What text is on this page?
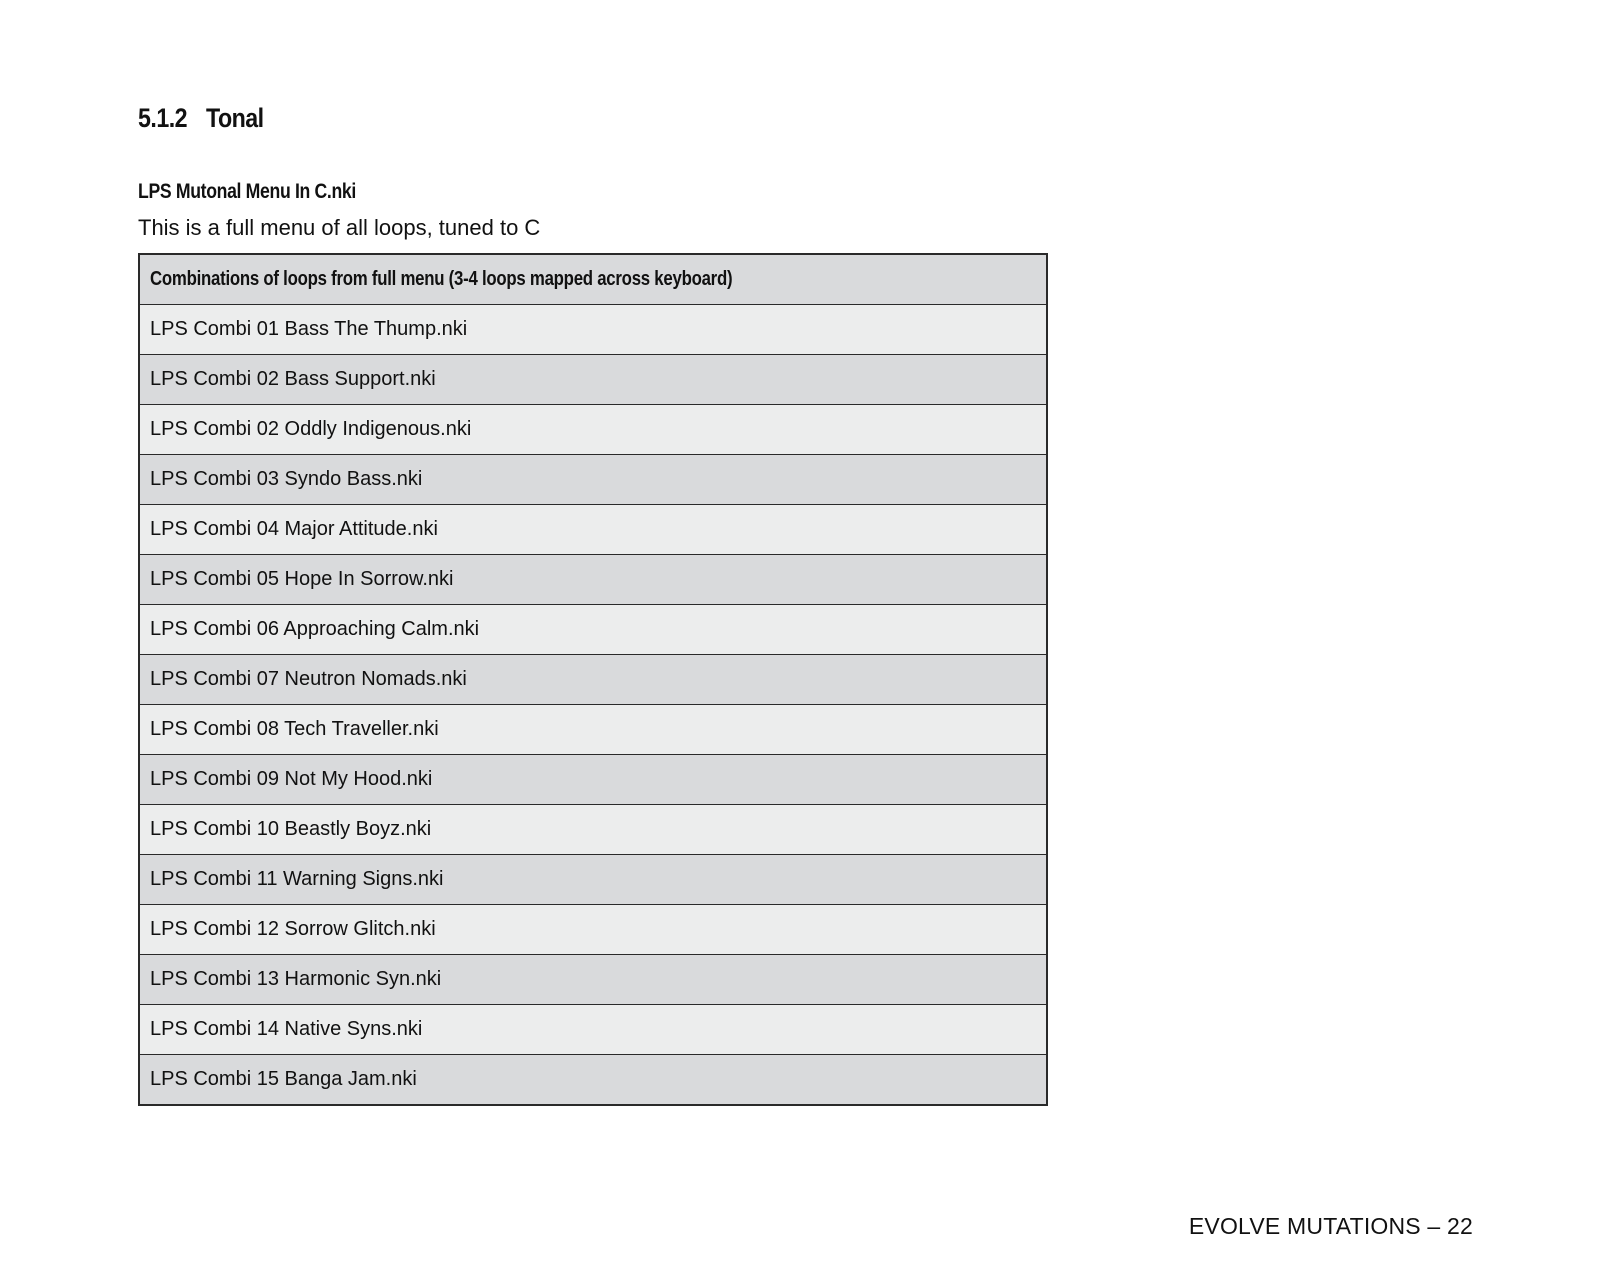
5.1.2 Tonal
LPS Mutonal Menu In C.nki
This is a full menu of all loops, tuned to C
Combinations of loops from full menu (3-4 loops mapped across keyboard)
LPS Combi 01 Bass The Thump.nki
LPS Combi 02 Bass Support.nki
LPS Combi 02 Oddly Indigenous.nki
LPS Combi 03 Syndo Bass.nki
LPS Combi 04 Major Attitude.nki
LPS Combi 05 Hope In Sorrow.nki
LPS Combi 06 Approaching Calm.nki
LPS Combi 07 Neutron Nomads.nki
LPS Combi 08 Tech Traveller.nki
LPS Combi 09 Not My Hood.nki
LPS Combi 10 Beastly Boyz.nki
LPS Combi 11 Warning Signs.nki
LPS Combi 12 Sorrow Glitch.nki
LPS Combi 13 Harmonic Syn.nki
LPS Combi 14 Native Syns.nki
LPS Combi 15 Banga Jam.nki
EVOLVE MUTATIONS – 22
